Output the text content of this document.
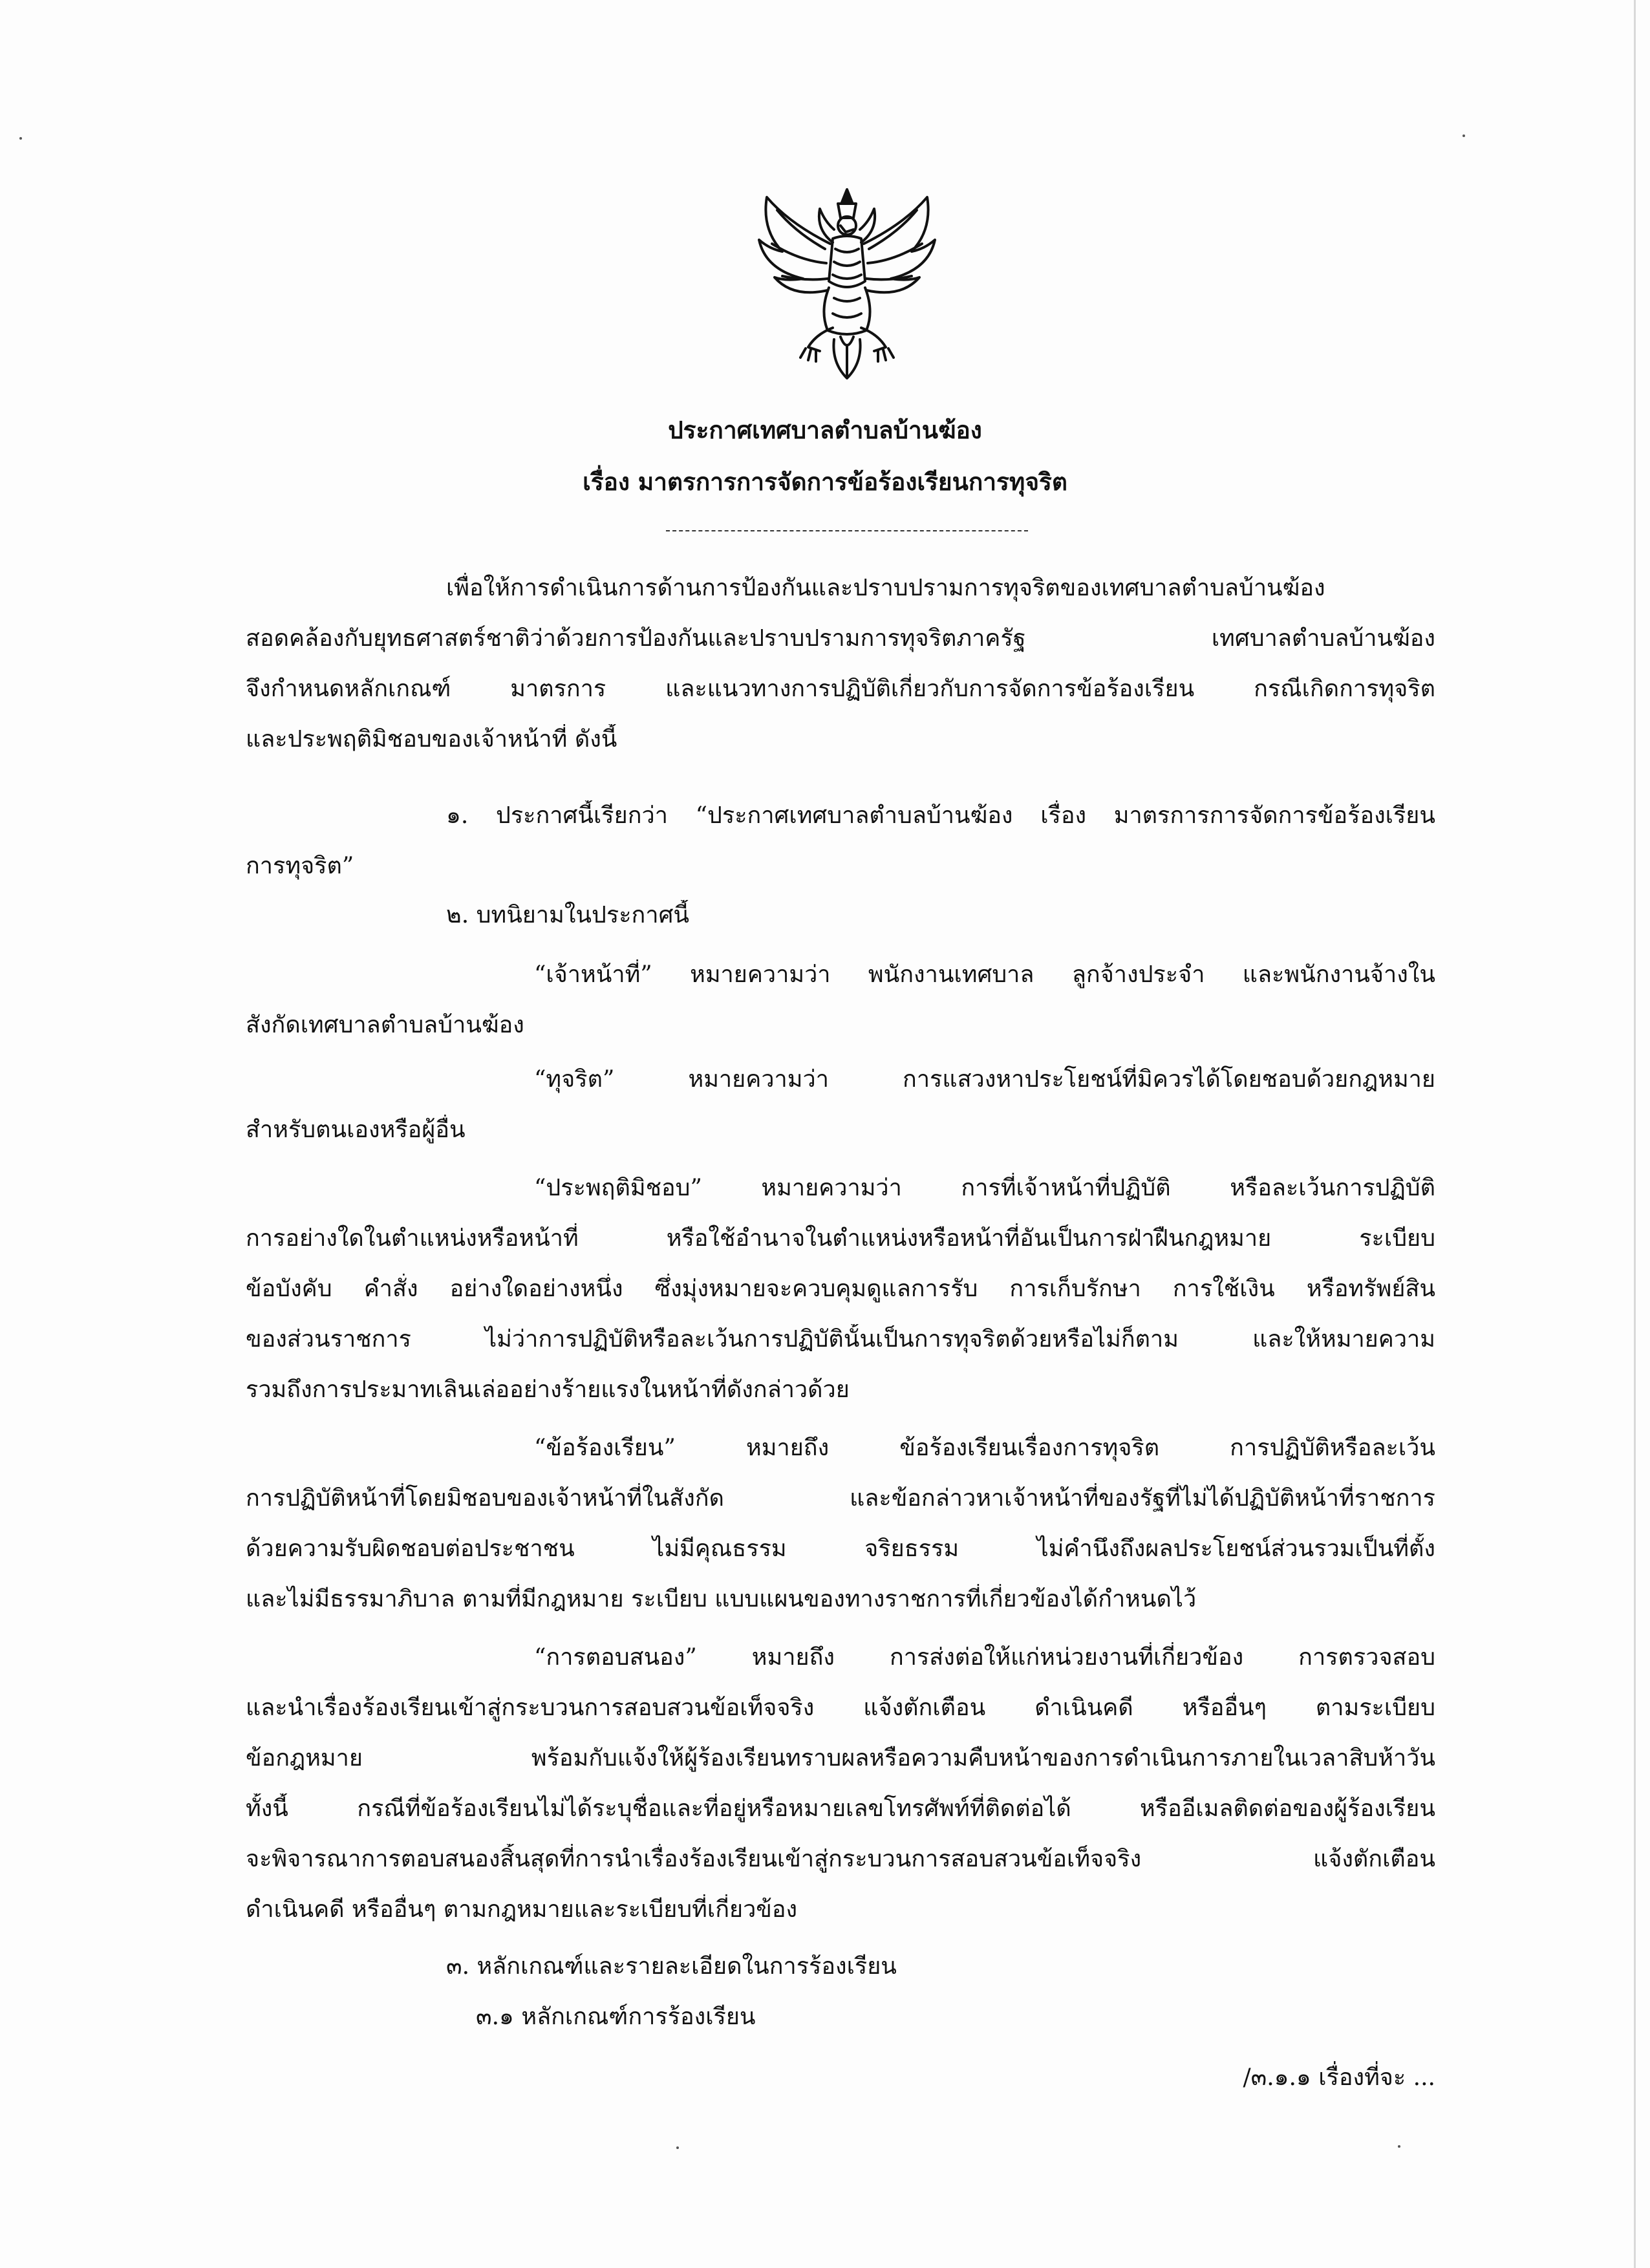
ประกาศเทศบาลตำบลบ้านฆ้อง
เรื่อง มาตรการการจัดการข้อร้องเรียนการทุจริต
เพื่อให้การดำเนินการด้านการป้องกันและปราบปรามการทุจริตของเทศบาลตำบลบ้านฆ้อง
สอดคล้องกับยุทธศาสตร์ชาติว่าด้วยการป้องกันและปราบปรามการทุจริตภาครัฐ เทศบาลตำบลบ้านฆ้อง
จึงกำหนดหลักเกณฑ์ มาตรการ และแนวทางการปฏิบัติเกี่ยวกับการจัดการข้อร้องเรียน กรณีเกิดการทุจริต
และประพฤติมิชอบของเจ้าหน้าที่ ดังนี้
๑. ประกาศนี้เรียกว่า “ประกาศเทศบาลตำบลบ้านฆ้อง เรื่อง มาตรการการจัดการข้อร้องเรียน
การทุจริต”
๒. บทนิยามในประกาศนี้
“เจ้าหน้าที่” หมายความว่า พนักงานเทศบาล ลูกจ้างประจำ และพนักงานจ้างใน
สังกัดเทศบาลตำบลบ้านฆ้อง
“ทุจริต” หมายความว่า การแสวงหาประโยชน์ที่มิควรได้โดยชอบด้วยกฎหมาย
สำหรับตนเองหรือผู้อื่น
“ประพฤติมิชอบ” หมายความว่า การที่เจ้าหน้าที่ปฏิบัติ หรือละเว้นการปฏิบัติ
การอย่างใดในตำแหน่งหรือหน้าที่ หรือใช้อำนาจในตำแหน่งหรือหน้าที่อันเป็นการฝ่าฝืนกฎหมาย ระเบียบ
ข้อบังคับ คำสั่ง อย่างใดอย่างหนึ่ง ซึ่งมุ่งหมายจะควบคุมดูแลการรับ การเก็บรักษา การใช้เงิน หรือทรัพย์สิน
ของส่วนราชการ ไม่ว่าการปฏิบัติหรือละเว้นการปฏิบัตินั้นเป็นการทุจริตด้วยหรือไม่ก็ตาม และให้หมายความ
รวมถึงการประมาทเลินเล่ออย่างร้ายแรงในหน้าที่ดังกล่าวด้วย
“ข้อร้องเรียน” หมายถึง ข้อร้องเรียนเรื่องการทุจริต การปฏิบัติหรือละเว้น
การปฏิบัติหน้าที่โดยมิชอบของเจ้าหน้าที่ในสังกัด และข้อกล่าวหาเจ้าหน้าที่ของรัฐที่ไม่ได้ปฏิบัติหน้าที่ราชการ
ด้วยความรับผิดชอบต่อประชาชน ไม่มีคุณธรรม จริยธรรม ไม่คำนึงถึงผลประโยชน์ส่วนรวมเป็นที่ตั้ง
และไม่มีธรรมาภิบาล ตามที่มีกฎหมาย ระเบียบ แบบแผนของทางราชการที่เกี่ยวข้องได้กำหนดไว้
“การตอบสนอง” หมายถึง การส่งต่อให้แก่หน่วยงานที่เกี่ยวข้อง การตรวจสอบ
และนำเรื่องร้องเรียนเข้าสู่กระบวนการสอบสวนข้อเท็จจริง แจ้งตักเตือน ดำเนินคดี หรืออื่นๆ ตามระเบียบ
ข้อกฎหมาย พร้อมกับแจ้งให้ผู้ร้องเรียนทราบผลหรือความคืบหน้าของการดำเนินการภายในเวลาสิบห้าวัน
ทั้งนี้ กรณีที่ข้อร้องเรียนไม่ได้ระบุชื่อและที่อยู่หรือหมายเลขโทรศัพท์ที่ติดต่อได้ หรืออีเมลติดต่อของผู้ร้องเรียน
จะพิจารณาการตอบสนองสิ้นสุดที่การนำเรื่องร้องเรียนเข้าสู่กระบวนการสอบสวนข้อเท็จจริง แจ้งตักเตือน
ดำเนินคดี หรืออื่นๆ ตามกฎหมายและระเบียบที่เกี่ยวข้อง
๓. หลักเกณฑ์และรายละเอียดในการร้องเรียน
๓.๑ หลักเกณฑ์การร้องเรียน
/๓.๑.๑ เรื่องที่จะ ...
